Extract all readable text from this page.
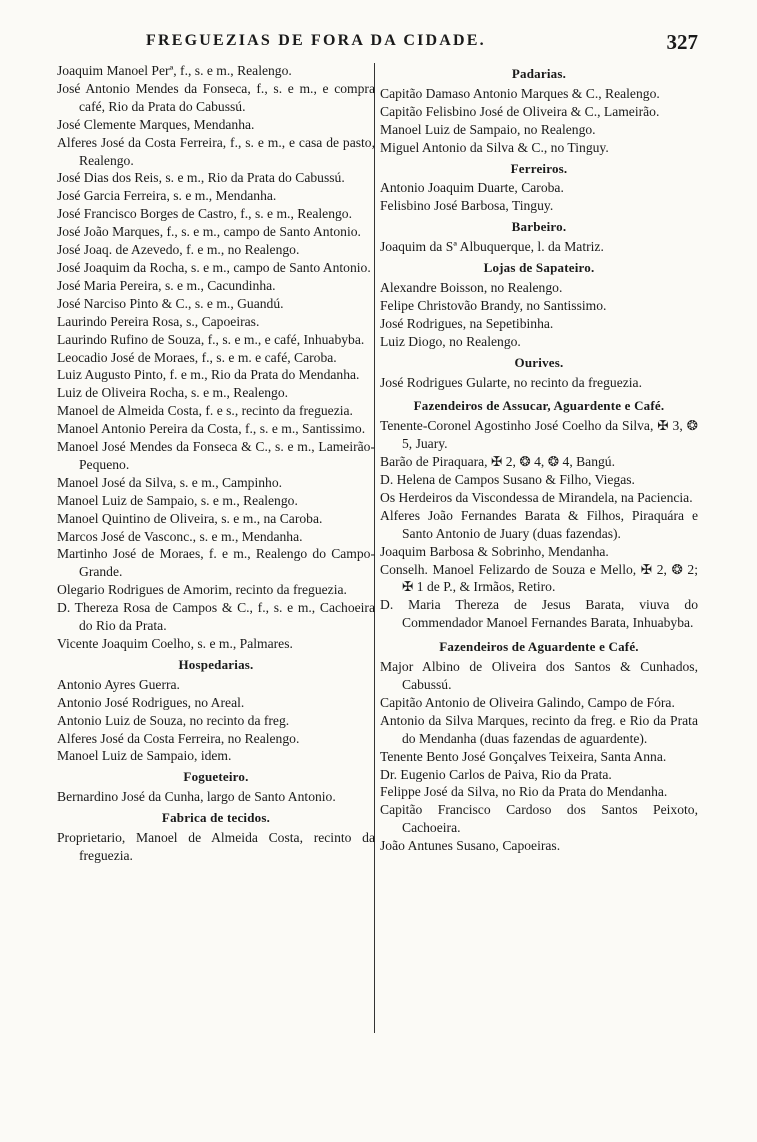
FREGUEZIAS DE FORA DA CIDADE.	327

Joaquim Manoel Perª, f., s. e m., Realengo.

José Antonio Mendes da Fonseca, f., s. e m., e compra café, Rio da Prata do Cabussú.

José Clemente Marques, Mendanha.

Alferes José da Costa Ferreira, f., s. e m., e casa de pasto, Realengo.

José Dias dos Reis, s. e m., Rio da Prata do Cabussú.

José Garcia Ferreira, s. e m., Mendanha.

José Francisco Borges de Castro, f., s. e m., Realengo.

José João Marques, f., s. e m., campo de Santo Antonio.

José Joaq. de Azevedo, f. e m., no Realengo.

José Joaquim da Rocha, s. e m., campo de Santo Antonio.

José Maria Pereira, s. e m., Cacundinha.

José Narciso Pinto & C., s. e m., Guandú.

Laurindo Pereira Rosa, s., Capoeiras.

Laurindo Rufino de Souza, f., s. e m., e café, Inhuabyba.

Leocadio José de Moraes, f., s. e m. e café, Caroba.

Luiz Augusto Pinto, f. e m., Rio da Prata do Mendanha.

Luiz de Oliveira Rocha, s. e m., Realengo.

Manoel de Almeida Costa, f. e s., recinto da freguezia.

Manoel Antonio Pereira da Costa, f., s. e m., Santissimo.

Manoel José Mendes da Fonseca & C., s. e m., Lameirão-Pequeno.

Manoel José da Silva, s. e m., Campinho.

Manoel Luiz de Sampaio, s. e m., Realengo.

Manoel Quintino de Oliveira, s. e m., na Caroba.

Marcos José de Vasconc., s. e m., Mendanha.

Martinho José de Moraes, f. e m., Realengo do Campo-Grande.

Olegario Rodrigues de Amorim, recinto da freguezia.

D. Thereza Rosa de Campos & C., f., s. e m., Cachoeira do Rio da Prata.

Vicente Joaquim Coelho, s. e m., Palmares.

Hospedarias.

Antonio Ayres Guerra.

Antonio José Rodrigues, no Areal.

Antonio Luiz de Souza, no recinto da freg.

Alferes José da Costa Ferreira, no Realengo.

Manoel Luiz de Sampaio, idem.

Fogueteiro.

Bernardino José da Cunha, largo de Santo Antonio.

Fabrica de tecidos.

Proprietario, Manoel de Almeida Costa, recinto da freguezia.

Padarias.

Capitão Damaso Antonio Marques & C., Realengo.

Capitão Felisbino José de Oliveira & C., Lameirão.

Manoel Luiz de Sampaio, no Realengo.

Miguel Antonio da Silva & C., no Tinguy.

Ferreiros.

Antonio Joaquim Duarte, Caroba.

Felisbino José Barbosa, Tinguy.

Barbeiro.

Joaquim da Sª Albuquerque, l. da Matriz.

Lojas de Sapateiro.

Alexandre Boisson, no Realengo.

Felipe Christovão Brandy, no Santissimo.

José Rodrigues, na Sepetibinha.

Luiz Diogo, no Realengo.

Ourives.

José Rodrigues Gularte, no recinto da freguezia.

Fazendeiros de Assucar, Aguardente e Café.

Tenente-Coronel Agostinho José Coelho da Silva, ✠ 3, ❂ 5, Juary.

Barão de Piraquara, ✠ 2, ❂ 4, ❂ 4, Bangú.

D. Helena de Campos Susano & Filho, Viegas.

Os Herdeiros da Viscondessa de Mirandela, na Paciencia.

Alferes João Fernandes Barata & Filhos, Piraquára e Santo Antonio de Juary (duas fazendas).

Joaquim Barbosa & Sobrinho, Mendanha.

Conselh. Manoel Felizardo de Souza e Mello, ✠ 2, ❂ 2; ✠ 1 de P., & Irmãos, Retiro.

D. Maria Thereza de Jesus Barata, viuva do Commendador Manoel Fernandes Barata, Inhuabyba.

Fazendeiros de Aguardente e Café.

Major Albino de Oliveira dos Santos & Cunhados, Cabussú.

Capitão Antonio de Oliveira Galindo, Campo de Fóra.

Antonio da Silva Marques, recinto da freg. e Rio da Prata do Mendanha (duas fazendas de aguardente).

Tenente Bento José Gonçalves Teixeira, Santa Anna.

Dr. Eugenio Carlos de Paiva, Rio da Prata.

Felippe José da Silva, no Rio da Prata do Mendanha.

Capitão Francisco Cardoso dos Santos Peixoto, Cachoeira.

João Antunes Susano, Capoeiras.
